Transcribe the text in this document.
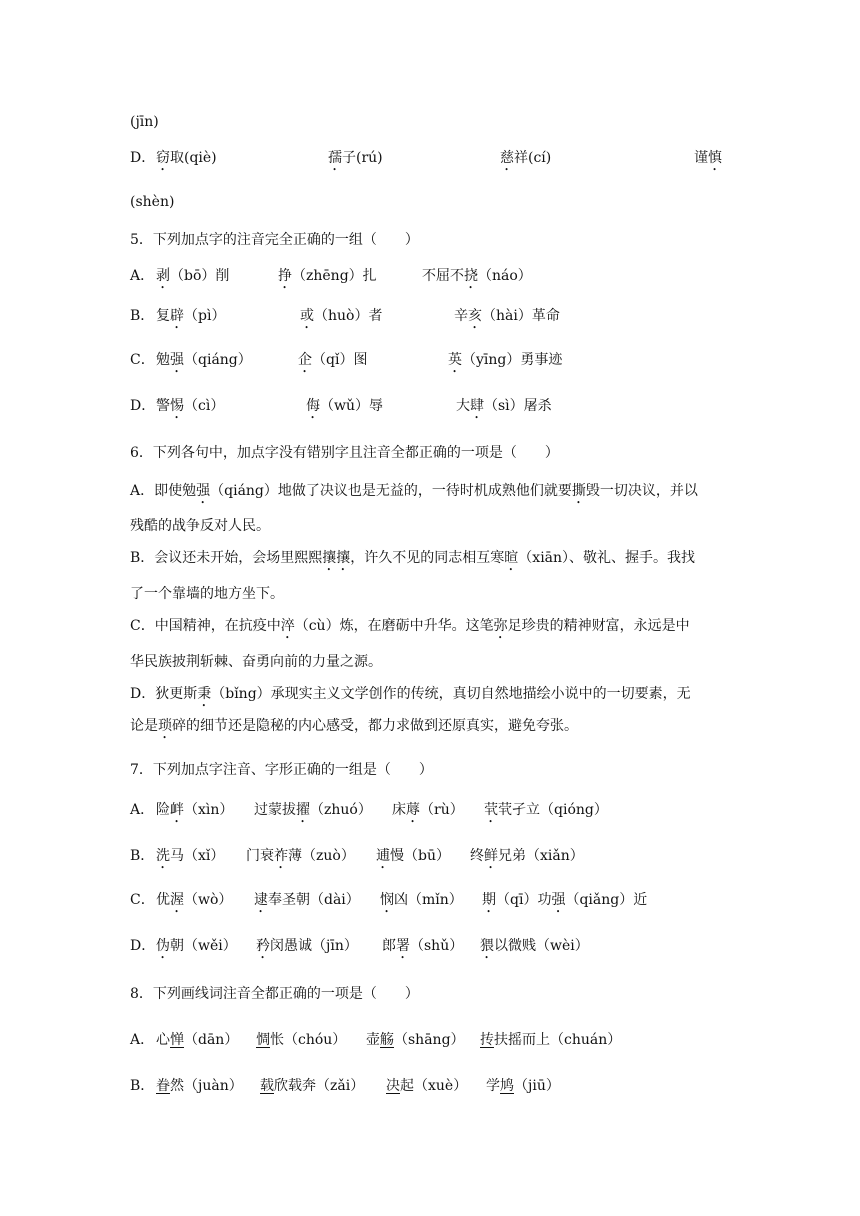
(jīn)
D． 窃取(qiè)	孺子(rú)	慈祥(cí)	谨慎
(shèn)
5．下列加点字的注音完全正确的一组（　　）
A． 剥（bō）削	挣（zhēng）扎	不屈不挠（náo）
B． 复辟（pì）	或（huò）者	辛亥（hài）革命
C． 勉强（qiáng）	企（qǐ）图	英（yīng）勇事迹
D． 警惕（cì）	侮（wǔ）辱	大肆（sì）屠杀
6．下列各句中，加点字没有错别字且注音全都正确的一项是（　　）
A．即使勉强（qiáng）地做了决议也是无益的，一待时机成熟他们就要撕毁一切决议，并以
残酷的战争反对人民。
B．会议还未开始，会场里熙熙攘攘，许久不见的同志相互寒暄（xiān）、敬礼、握手。我找
了一个靠墙的地方坐下。
C．中国精神，在抗疫中淬（cù）炼，在磨砺中升华。这笔弥足珍贵的精神财富，永远是中
华民族披荆斩棘、奋勇向前的力量之源。
D．狄更斯秉（bǐng）承现实主义文学创作的传统，真切自然地描绘小说中的一切要素，无
论是琐碎的细节还是隐秘的内心感受，都力求做到还原真实，避免夸张。
7．下列加点字注音、字形正确的一组是（　　）
A． 险衅（xìn） 过蒙拔擢（zhuó） 床蓐（rù） 茕茕孑立（qióng）
B． 洗马（xǐ） 门衰祚薄（zuò） 逋慢（bū） 终鲜兄弟（xiǎn）
C． 优渥（wò） 逮奉圣朝（dài） 悯凶（mǐn） 期（qī）功强（qiǎng）近
D． 伪朝（wěi） 矜闵愚诚（jīn） 郎署（shǔ） 猥以微贱（wèi）
8．下列画线词注音全都正确的一项是（　　）
A． 心惮（dān） 惆怅（chóu） 壶觞（shāng） 抟扶摇而上（chuán）
B． 眷然（juàn） 载欣载奔（zǎi） 决起（xuè） 学鸠（jiū）
